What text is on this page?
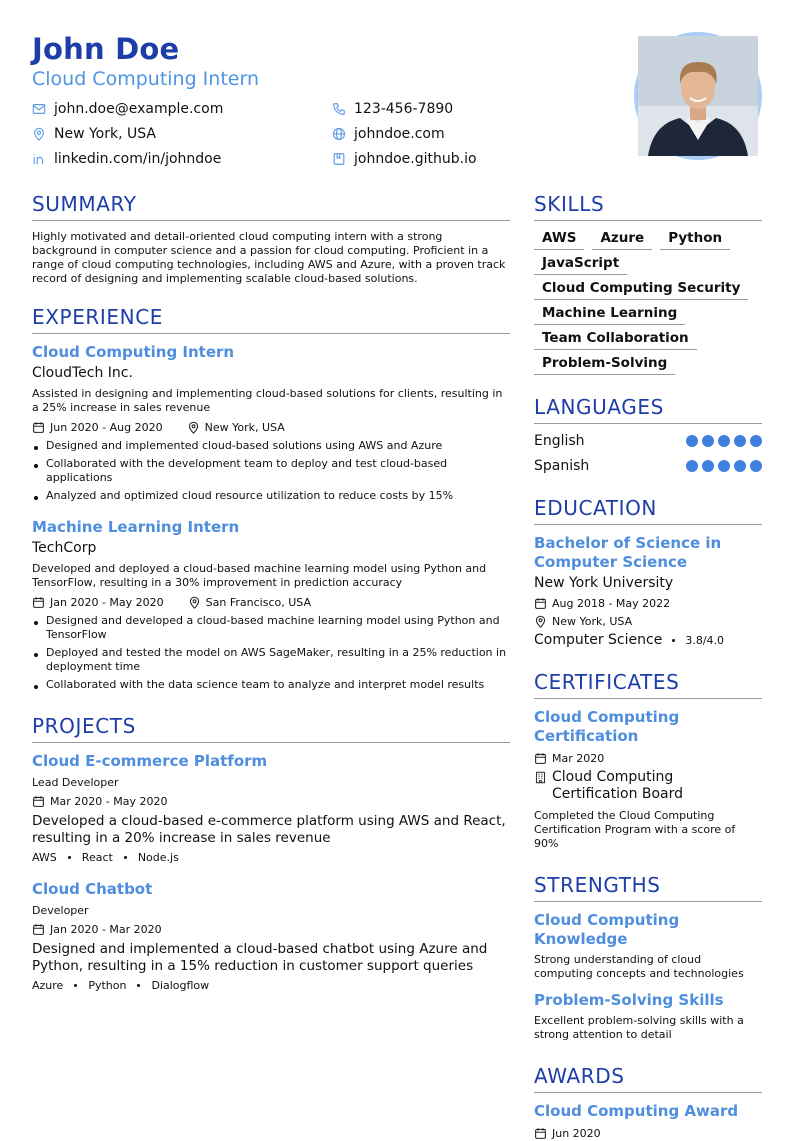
John Doe
Cloud Computing Intern
john.doe@example.com	123-456-7890
New York, USA	johndoe.com
linkedin.com/in/johndoe	johndoe.github.io
SUMMARY
Highly motivated and detail-oriented cloud computing intern with a strong background in computer science and a passion for cloud computing. Proficient in a range of cloud computing technologies, including AWS and Azure, with a proven track record of designing and implementing scalable cloud-based solutions.
EXPERIENCE
Cloud Computing Intern
CloudTech Inc.
Assisted in designing and implementing cloud-based solutions for clients, resulting in a 25% increase in sales revenue
Jun 2020 - Aug 2020	New York, USA
Designed and implemented cloud-based solutions using AWS and Azure
Collaborated with the development team to deploy and test cloud-based applications
Analyzed and optimized cloud resource utilization to reduce costs by 15%
Machine Learning Intern
TechCorp
Developed and deployed a cloud-based machine learning model using Python and TensorFlow, resulting in a 30% improvement in prediction accuracy
Jan 2020 - May 2020	San Francisco, USA
Designed and developed a cloud-based machine learning model using Python and TensorFlow
Deployed and tested the model on AWS SageMaker, resulting in a 25% reduction in deployment time
Collaborated with the data science team to analyze and interpret model results
PROJECTS
Cloud E-commerce Platform
Lead Developer
Mar 2020 - May 2020
Developed a cloud-based e-commerce platform using AWS and React, resulting in a 20% increase in sales revenue
AWS React Node.js
Cloud Chatbot
Developer
Jan 2020 - Mar 2020
Designed and implemented a cloud-based chatbot using Azure and Python, resulting in a 15% reduction in customer support queries
Azure Python Dialogflow
SKILLS
AWS	Azure	Python
JavaScript
Cloud Computing Security
Machine Learning
Team Collaboration
Problem-Solving
LANGUAGES
English
Spanish
EDUCATION
Bachelor of Science in Computer Science
New York University
Aug 2018 - May 2022
New York, USA
Computer Science 3.8/4.0
CERTIFICATES
Cloud Computing Certification
Mar 2020
Cloud Computing Certification Board
Completed the Cloud Computing Certification Program with a score of 90%
STRENGTHS
Cloud Computing Knowledge
Strong understanding of cloud computing concepts and technologies
Problem-Solving Skills
Excellent problem-solving skills with a strong attention to detail
AWARDS
Cloud Computing Award
Jun 2020
